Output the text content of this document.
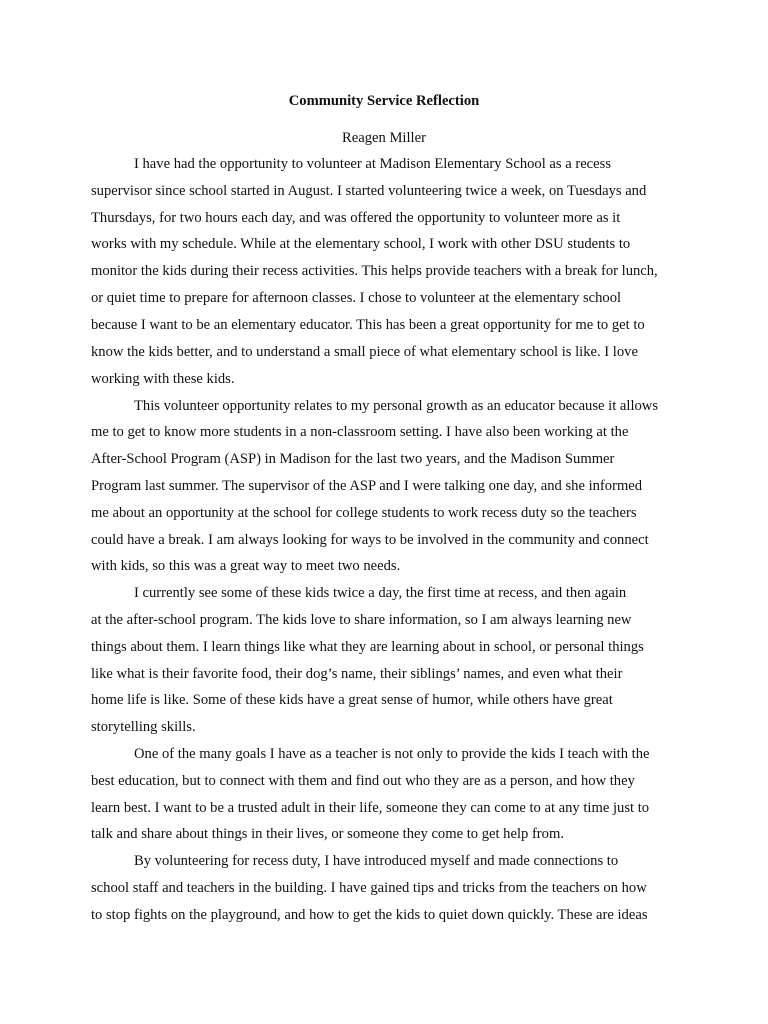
Community Service Reflection
Reagen Miller
I have had the opportunity to volunteer at Madison Elementary School as a recess
supervisor since school started in August. I started volunteering twice a week, on Tuesdays and
Thursdays, for two hours each day, and was offered the opportunity to volunteer more as it
works with my schedule. While at the elementary school, I work with other DSU students to
monitor the kids during their recess activities. This helps provide teachers with a break for lunch,
or quiet time to prepare for afternoon classes. I chose to volunteer at the elementary school
because I want to be an elementary educator. This has been a great opportunity for me to get to
know the kids better, and to understand a small piece of what elementary school is like. I love
working with these kids.
This volunteer opportunity relates to my personal growth as an educator because it allows
me to get to know more students in a non-classroom setting. I have also been working at the
After-School Program (ASP) in Madison for the last two years, and the Madison Summer
Program last summer. The supervisor of the ASP and I were talking one day, and she informed
me about an opportunity at the school for college students to work recess duty so the teachers
could have a break. I am always looking for ways to be involved in the community and connect
with kids, so this was a great way to meet two needs.
I currently see some of these kids twice a day, the first time at recess, and then again
at the after-school program. The kids love to share information, so I am always learning new
things about them. I learn things like what they are learning about in school, or personal things
like what is their favorite food, their dog’s name, their siblings’ names, and even what their
home life is like. Some of these kids have a great sense of humor, while others have great
storytelling skills.
One of the many goals I have as a teacher is not only to provide the kids I teach with the
best education, but to connect with them and find out who they are as a person, and how they
learn best. I want to be a trusted adult in their life, someone they can come to at any time just to
talk and share about things in their lives, or someone they come to get help from.
By volunteering for recess duty, I have introduced myself and made connections to
school staff and teachers in the building. I have gained tips and tricks from the teachers on how
to stop fights on the playground, and how to get the kids to quiet down quickly. These are ideas
